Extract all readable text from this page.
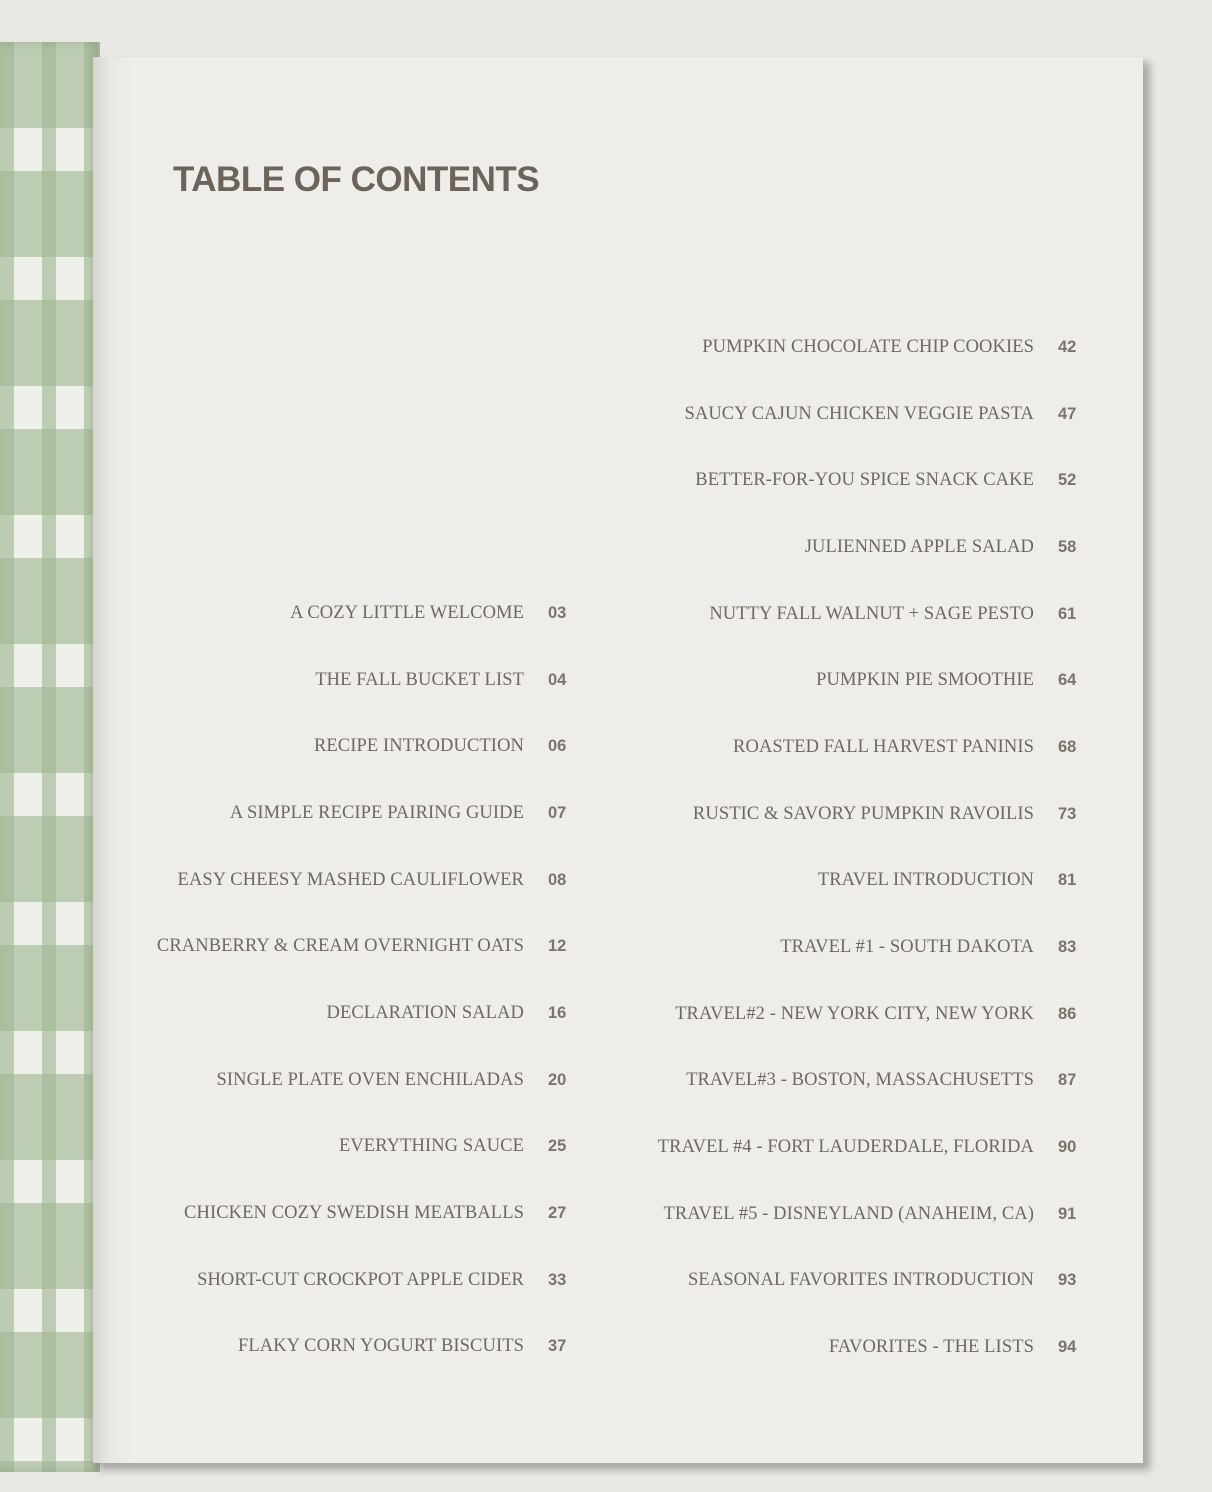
TABLE OF CONTENTS
A COZY LITTLE WELCOME	03
THE FALL BUCKET LIST	04
RECIPE INTRODUCTION	06
A SIMPLE RECIPE PAIRING GUIDE	07
EASY CHEESY MASHED CAULIFLOWER	08
CRANBERRY & CREAM OVERNIGHT OATS	12
DECLARATION SALAD	16
SINGLE PLATE OVEN ENCHILADAS	20
EVERYTHING SAUCE	25
CHICKEN COZY SWEDISH MEATBALLS	27
SHORT-CUT CROCKPOT APPLE CIDER	33
FLAKY CORN YOGURT BISCUITS	37
PUMPKIN CHOCOLATE CHIP COOKIES	42
SAUCY CAJUN CHICKEN VEGGIE PASTA	47
BETTER-FOR-YOU SPICE SNACK CAKE	52
JULIENNED APPLE SALAD	58
NUTTY FALL WALNUT + SAGE PESTO	61
PUMPKIN PIE SMOOTHIE	64
ROASTED FALL HARVEST PANINIS	68
RUSTIC & SAVORY PUMPKIN RAVOILIS	73
TRAVEL INTRODUCTION	81
TRAVEL #1 - SOUTH DAKOTA	83
TRAVEL#2 - NEW YORK CITY, NEW YORK	86
TRAVEL#3 - BOSTON, MASSACHUSETTS	87
TRAVEL #4 - FORT LAUDERDALE, FLORIDA	90
TRAVEL #5 - DISNEYLAND (ANAHEIM, CA)	91
SEASONAL FAVORITES INTRODUCTION	93
FAVORITES - THE LISTS	94
